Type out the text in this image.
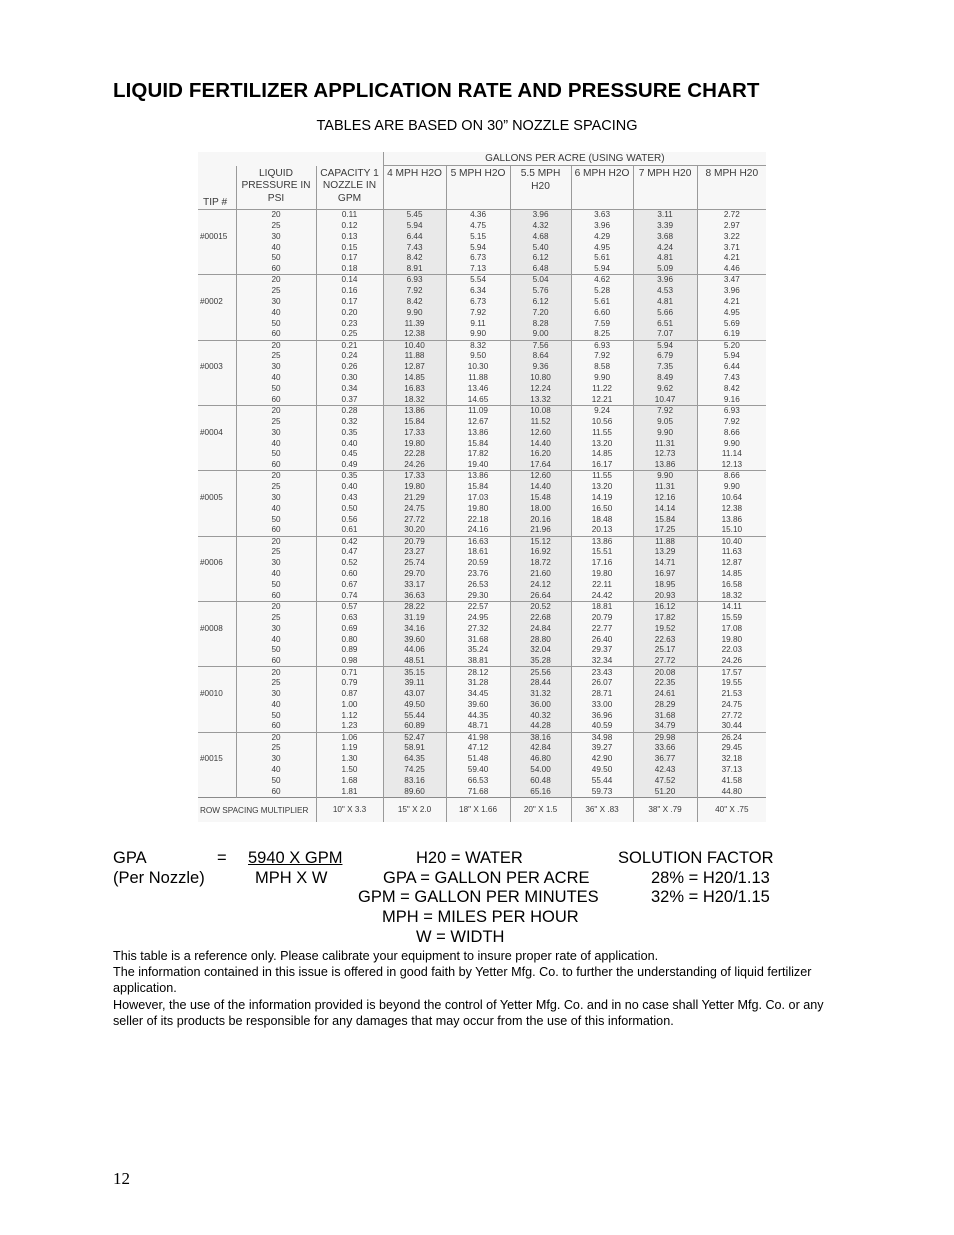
LIQUID FERTILIZER APPLICATION RATE AND PRESSURE CHART
TABLES ARE BASED ON 30” NOZZLE SPACING
			GALLONS PER ACRE (USING WATER)					
TIP #	LIQUID PRESSURE IN PSI	CAPACITY 1 NOZZLE IN GPM	4 MPH H2O	5 MPH H2O	5.5 MPH H20	6 MPH H2O	7 MPH H20	8 MPH H20
	20	0.11	5.45	4.36	3.96	3.63	3.11	2.72
	25	0.12	5.94	4.75	4.32	3.96	3.39	2.97
#00015	30	0.13	6.44	5.15	4.68	4.29	3.68	3.22
	40	0.15	7.43	5.94	5.40	4.95	4.24	3.71
	50	0.17	8.42	6.73	6.12	5.61	4.81	4.21
	60	0.18	8.91	7.13	6.48	5.94	5.09	4.46
	20	0.14	6.93	5.54	5.04	4.62	3.96	3.47
	25	0.16	7.92	6.34	5.76	5.28	4.53	3.96
#0002	30	0.17	8.42	6.73	6.12	5.61	4.81	4.21
	40	0.20	9.90	7.92	7.20	6.60	5.66	4.95
	50	0.23	11.39	9.11	8.28	7.59	6.51	5.69
	60	0.25	12.38	9.90	9.00	8.25	7.07	6.19
	20	0.21	10.40	8.32	7.56	6.93	5.94	5.20
	25	0.24	11.88	9.50	8.64	7.92	6.79	5.94
#0003	30	0.26	12.87	10.30	9.36	8.58	7.35	6.44
	40	0.30	14.85	11.88	10.80	9.90	8.49	7.43
	50	0.34	16.83	13.46	12.24	11.22	9.62	8.42
	60	0.37	18.32	14.65	13.32	12.21	10.47	9.16
	20	0.28	13.86	11.09	10.08	9.24	7.92	6.93
	25	0.32	15.84	12.67	11.52	10.56	9.05	7.92
#0004	30	0.35	17.33	13.86	12.60	11.55	9.90	8.66
	40	0.40	19.80	15.84	14.40	13.20	11.31	9.90
	50	0.45	22.28	17.82	16.20	14.85	12.73	11.14
	60	0.49	24.26	19.40	17.64	16.17	13.86	12.13
	20	0.35	17.33	13.86	12.60	11.55	9.90	8.66
	25	0.40	19.80	15.84	14.40	13.20	11.31	9.90
#0005	30	0.43	21.29	17.03	15.48	14.19	12.16	10.64
	40	0.50	24.75	19.80	18.00	16.50	14.14	12.38
	50	0.56	27.72	22.18	20.16	18.48	15.84	13.86
	60	0.61	30.20	24.16	21.96	20.13	17.25	15.10
	20	0.42	20.79	16.63	15.12	13.86	11.88	10.40
	25	0.47	23.27	18.61	16.92	15.51	13.29	11.63
#0006	30	0.52	25.74	20.59	18.72	17.16	14.71	12.87
	40	0.60	29.70	23.76	21.60	19.80	16.97	14.85
	50	0.67	33.17	26.53	24.12	22.11	18.95	16.58
	60	0.74	36.63	29.30	26.64	24.42	20.93	18.32
	20	0.57	28.22	22.57	20.52	18.81	16.12	14.11
	25	0.63	31.19	24.95	22.68	20.79	17.82	15.59
#0008	30	0.69	34.16	27.32	24.84	22.77	19.52	17.08
	40	0.80	39.60	31.68	28.80	26.40	22.63	19.80
	50	0.89	44.06	35.24	32.04	29.37	25.17	22.03
	60	0.98	48.51	38.81	35.28	32.34	27.72	24.26
	20	0.71	35.15	28.12	25.56	23.43	20.08	17.57
	25	0.79	39.11	31.28	28.44	26.07	22.35	19.55
#0010	30	0.87	43.07	34.45	31.32	28.71	24.61	21.53
	40	1.00	49.50	39.60	36.00	33.00	28.29	24.75
	50	1.12	55.44	44.35	40.32	36.96	31.68	27.72
	60	1.23	60.89	48.71	44.28	40.59	34.79	30.44
	20	1.06	52.47	41.98	38.16	34.98	29.98	26.24
	25	1.19	58.91	47.12	42.84	39.27	33.66	29.45
#0015	30	1.30	64.35	51.48	46.80	42.90	36.77	32.18
	40	1.50	74.25	59.40	54.00	49.50	42.43	37.13
	50	1.68	83.16	66.53	60.48	55.44	47.52	41.58
	60	1.81	89.60	71.68	65.16	59.73	51.20	44.80
ROW SPACING MULTIPLIER		10" X 3.3	15" X 2.0	18" X 1.66	20" X 1.5	36" X .83	38" X .79	40" X .75
GPA	= 5940 X GPM	H20 = WATER	SOLUTION FACTOR
(Per Nozzle)	MPH X W	GPA = GALLON PER ACRE	28% = H20/1.13
GPM = GALLON PER MINUTES	32% = H20/1.15
MPH = MILES PER HOUR
W = WIDTH

This table is a reference only. Please calibrate your equipment to insure proper rate of application.

The information contained in this issue is offered in good faith by Yetter Mfg. Co. to further the understanding of liquid fertilizer application.

However, the use of the information provided is beyond the control of Yetter Mfg. Co. and in no case shall Yetter Mfg. Co. or any seller of its products be responsible for any damages that may occur from the use of this information.

12
